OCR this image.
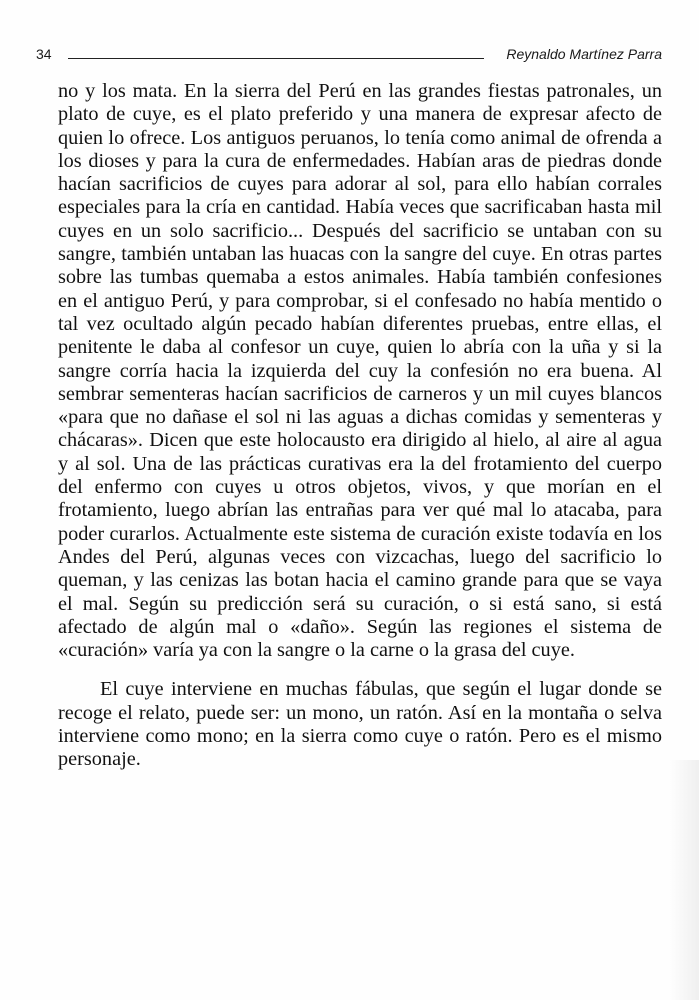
34	Reynaldo Martínez Parra

no y los mata. En la sierra del Perú en las grandes fiestas patronales, un plato de cuye, es el plato preferido y una manera de expresar afecto de quien lo ofrece. Los antiguos peruanos, lo tenía como animal de ofrenda a los dioses y para la cura de enfermedades. Habían aras de piedras donde hacían sacrificios de cuyes para adorar al sol, para ello habían corrales especiales para la cría en cantidad. Había veces que sacrificaban hasta mil cuyes en un solo sacrificio... Después del sacrificio se untaban con su sangre, también untaban las huacas con la sangre del cuye. En otras partes sobre las tumbas quemaba a estos animales. Había también confesiones en el antiguo Perú, y para comprobar, si el confesado no había mentido o tal vez ocultado algún pecado habían diferentes pruebas, entre ellas, el penitente le daba al confesor un cuye, quien lo abría con la uña y si la sangre corría hacia la izquierda del cuy la confesión no era buena. Al sembrar sementeras hacían sacrificios de carneros y un mil cuyes blancos «para que no dañase el sol ni las aguas a dichas comidas y sementeras y chácaras». Dicen que este holocausto era dirigido al hielo, al aire al agua y al sol. Una de las prácticas curativas era la del frotamiento del cuerpo del enfermo con cuyes u otros objetos, vivos, y que morían en el frotamiento, luego abrían las entrañas para ver qué mal lo atacaba, para poder curarlos. Actualmente este sistema de curación existe todavía en los Andes del Perú, algunas veces con vizcachas, luego del sacrificio lo queman, y las cenizas las botan hacia el camino grande para que se vaya el mal. Según su predicción será su curación, o si está sano, si está afectado de algún mal o «daño». Según las regiones el sistema de «curación» varía ya con la sangre o la carne o la grasa del cuye.

El cuye interviene en muchas fábulas, que según el lugar donde se recoge el relato, puede ser: un mono, un ratón. Así en la montaña o selva interviene como mono; en la sierra como cuye o ratón. Pero es el mismo personaje.
